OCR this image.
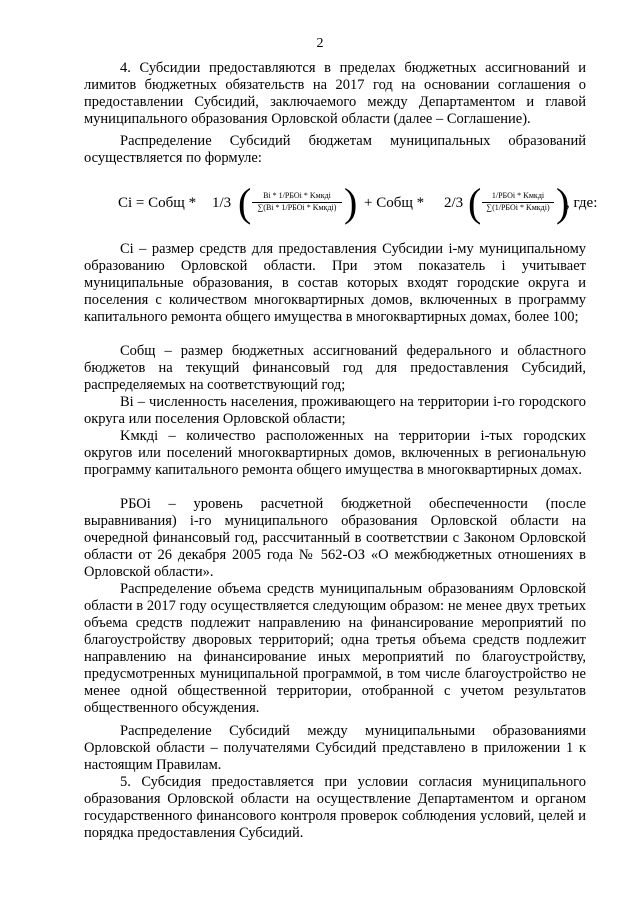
2

4. Субсидии предоставляются в пределах бюджетных ассигнований и лимитов бюджетных обязательств на 2017 год на основании соглашения о предоставлении Субсидий, заключаемого между Департаментом и главой муниципального образования Орловской области (далее – Соглашение).

Распределение Субсидий бюджетам муниципальных образований осуществляется по формуле:

Ci = Собщ * 1/3 (	Bi * 1/РБОi * Kмкдi
∑(Bi * 1/РБОi * Kмкдi) ) + Собщ * 2/3 (	1/РБОi * Kмкдi
∑(1/РБОi * Kмкдi) )
, где:

Ci – размер средств для предоставления Субсидии i-му муниципальному образованию Орловской области. При этом показатель i учитывает муниципальные образования, в состав которых входят городские округа и поселения с количеством многоквартирных домов, включенных в программу капитального ремонта общего имущества в многоквартирных домах, более 100;

Собщ – размер бюджетных ассигнований федерального и областного бюджетов на текущий финансовый год для предоставления Субсидий, распределяемых на соответствующий год;

Bi – численность населения, проживающего на территории i-го городского округа или поселения Орловской области;

Kмкдi – количество расположенных на территории i-тых городских округов или поселений многоквартирных домов, включенных в региональную программу капитального ремонта общего имущества в многоквартирных домах.

РБОi – уровень расчетной бюджетной обеспеченности (после выравнивания) i-го муниципального образования Орловской области на очередной финансовый год, рассчитанный в соответствии с Законом Орловской области от 26 декабря 2005 года № 562-ОЗ «О межбюджетных отношениях в Орловской области».

Распределение объема средств муниципальным образованиям Орловской области в 2017 году осуществляется следующим образом: не менее двух третьих объема средств подлежит направлению на финансирование мероприятий по благоустройству дворовых территорий; одна третья объема средств подлежит направлению на финансирование иных мероприятий по благоустройству, предусмотренных муниципальной программой, в том числе благоустройство не менее одной общественной территории, отобранной с учетом результатов общественного обсуждения.

Распределение Субсидий между муниципальными образованиями Орловской области – получателями Субсидий представлено в приложении 1 к настоящим Правилам.

5. Субсидия предоставляется при условии согласия муниципального образования Орловской области на осуществление Департаментом и органом государственного финансового контроля проверок соблюдения условий, целей и порядка предоставления Субсидий.
